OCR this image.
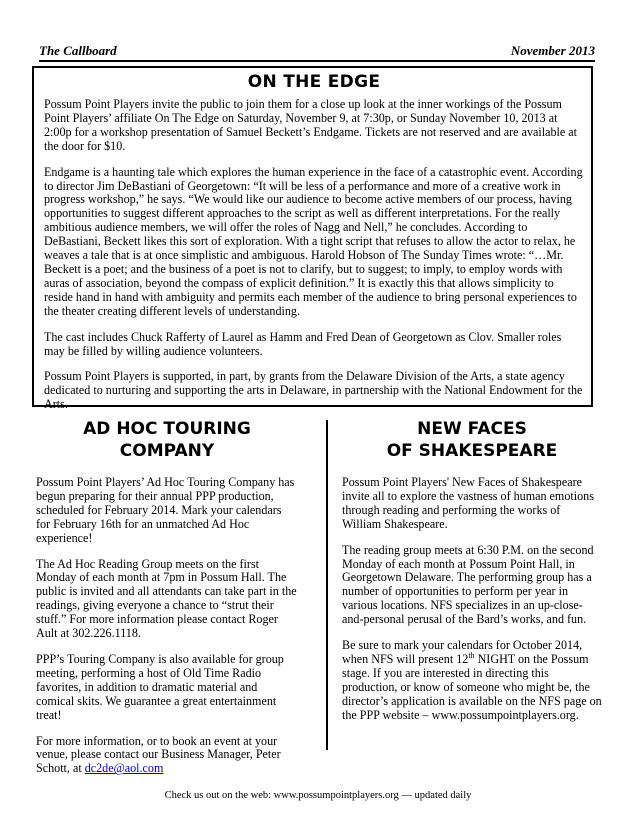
The Callboard	November 2013
ON THE EDGE

Possum Point Players invite the public to join them for a close up look at the inner workings of the Possum Point Players’ affiliate On The Edge on Saturday, November 9, at 7:30p, or Sunday November 10, 2013 at 2:00p for a workshop presentation of Samuel Beckett’s Endgame. Tickets are not reserved and are available at the door for $10.

Endgame is a haunting tale which explores the human experience in the face of a catastrophic event. According to director Jim DeBastiani of Georgetown: “It will be less of a performance and more of a creative work in progress workshop,” he says. “We would like our audience to become active members of our process, having opportunities to suggest different approaches to the script as well as different interpretations. For the really ambitious audience members, we will offer the roles of Nagg and Nell,” he concludes. According to DeBastiani, Beckett likes this sort of exploration. With a tight script that refuses to allow the actor to relax, he weaves a tale that is at once simplistic and ambiguous. Harold Hobson of The Sunday Times wrote: “…Mr. Beckett is a poet; and the business of a poet is not to clarify, but to suggest; to imply, to employ words with auras of association, beyond the compass of explicit definition.” It is exactly this that allows simplicity to reside hand in hand with ambiguity and permits each member of the audience to bring personal experiences to the theater creating different levels of understanding.

The cast includes Chuck Rafferty of Laurel as Hamm and Fred Dean of Georgetown as Clov. Smaller roles may be filled by willing audience volunteers.

Possum Point Players is supported, in part, by grants from the Delaware Division of the Arts, a state agency dedicated to nurturing and supporting the arts in Delaware, in partnership with the National Endowment for the Arts.

AD HOC TOURING
COMPANY

Possum Point Players’ Ad Hoc Touring Company has begun preparing for their annual PPP production, scheduled for February 2014. Mark your calendars for February 16th for an unmatched Ad Hoc experience!

The Ad Hoc Reading Group meets on the first Monday of each month at 7pm in Possum Hall. The public is invited and all attendants can take part in the readings, giving everyone a chance to “strut their stuff.” For more information please contact Roger Ault at 302.226.1118.

PPP’s Touring Company is also available for group meeting, performing a host of Old Time Radio favorites, in addition to dramatic material and comical skits. We guarantee a great entertainment treat!

For more information, or to book an event at your venue, please contact our Business Manager, Peter Schott, at dc2de@aol.com

NEW FACES
OF SHAKESPEARE

Possum Point Players' New Faces of Shakespeare invite all to explore the vastness of human emotions through reading and performing the works of William Shakespeare.

The reading group meets at 6:30 P.M. on the second Monday of each month at Possum Point Hall, in Georgetown Delaware. The performing group has a number of opportunities to perform per year in various locations. NFS specializes in an up-close-and-personal perusal of the Bard’s works, and fun.

Be sure to mark your calendars for October 2014, when NFS will present 12th NIGHT on the Possum stage. If you are interested in directing this production, or know of someone who might be, the director’s application is available on the NFS page on the PPP website – www.possumpointplayers.org.

Check us out on the web: www.possumpointplayers.org — updated daily
